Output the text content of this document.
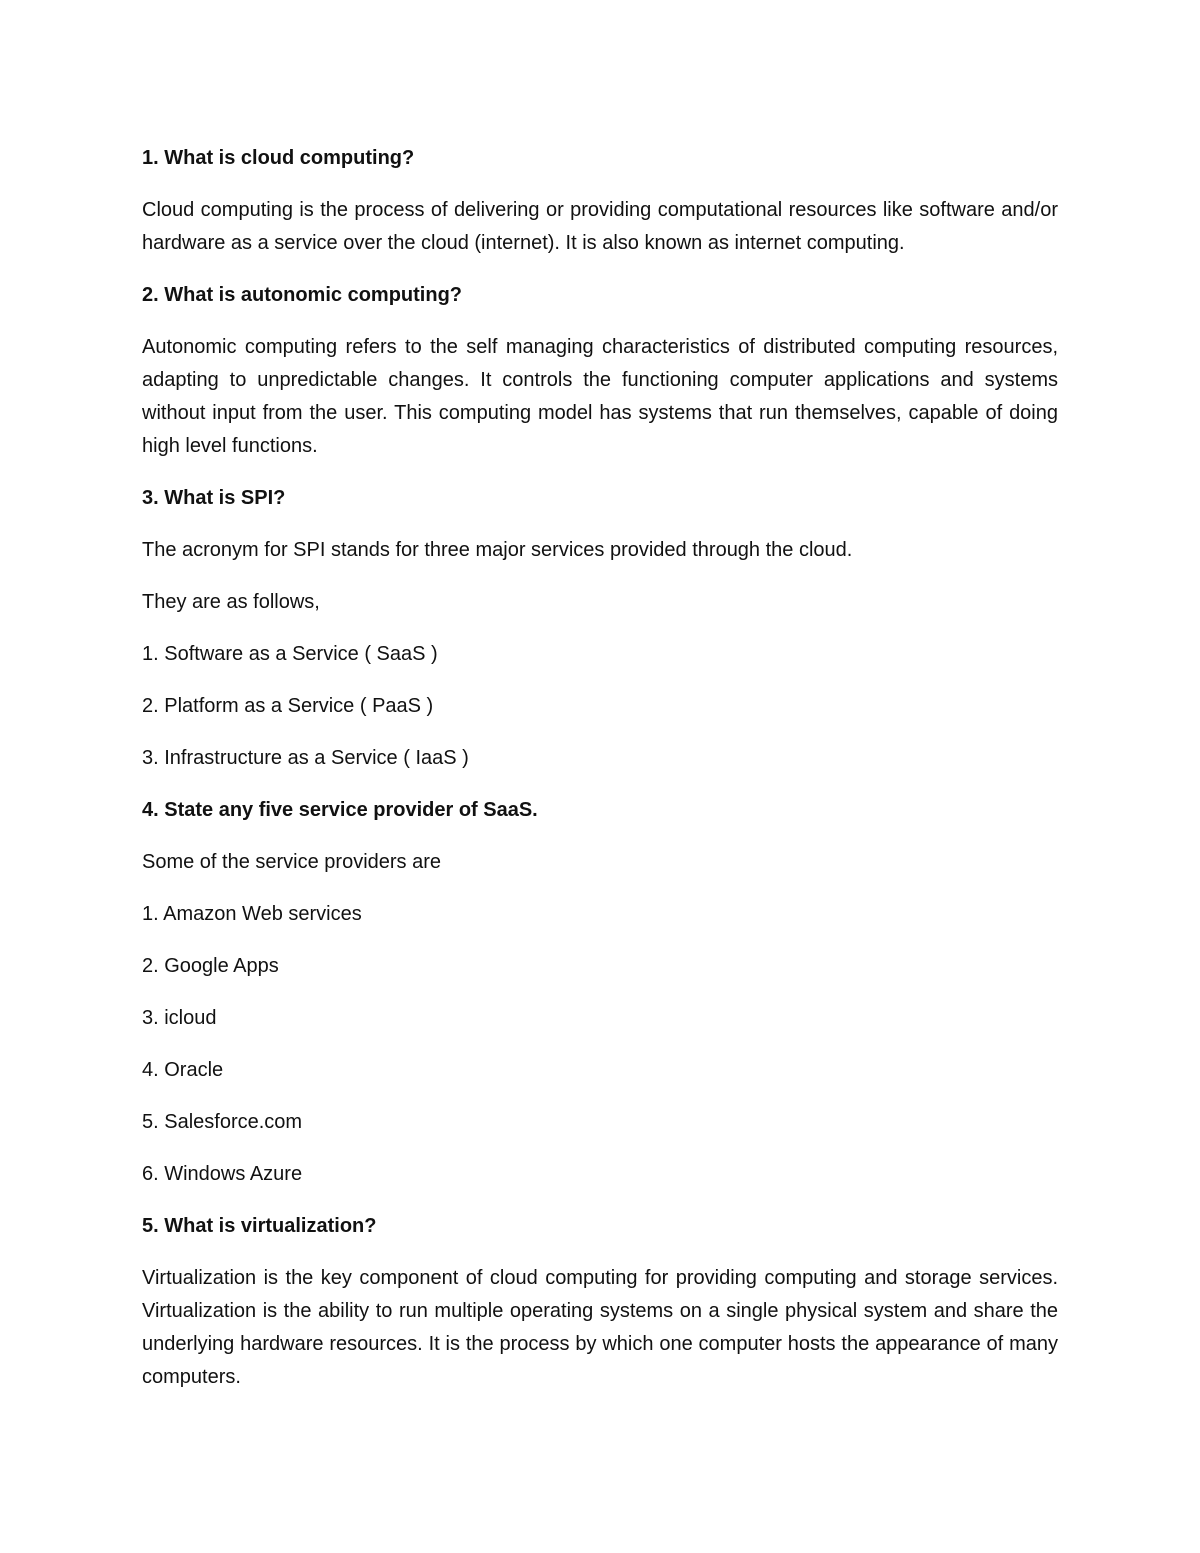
1. What is cloud computing?

Cloud computing is the process of delivering or providing computational resources like software and/or hardware as a service over the cloud (internet). It is also known as internet computing.

2. What is autonomic computing?

Autonomic computing refers to the self managing characteristics of distributed computing resources, adapting to unpredictable changes. It controls the functioning computer applications and systems without input from the user. This computing model has systems that run themselves, capable of doing high level functions.

3. What is SPI?

The acronym for SPI stands for three major services provided through the cloud.

They are as follows,

1. Software as a Service ( SaaS )

2. Platform as a Service ( PaaS )

3. Infrastructure as a Service ( IaaS )

4. State any five service provider of SaaS.

Some of the service providers are

1. Amazon Web services

2. Google Apps

3. icloud

4. Oracle

5. Salesforce.com

6. Windows Azure

5. What is virtualization?

Virtualization is the key component of cloud computing for providing computing and storage services. Virtualization is the ability to run multiple operating systems on a single physical system and share the underlying hardware resources. It is the process by which one computer hosts the appearance of many computers.
